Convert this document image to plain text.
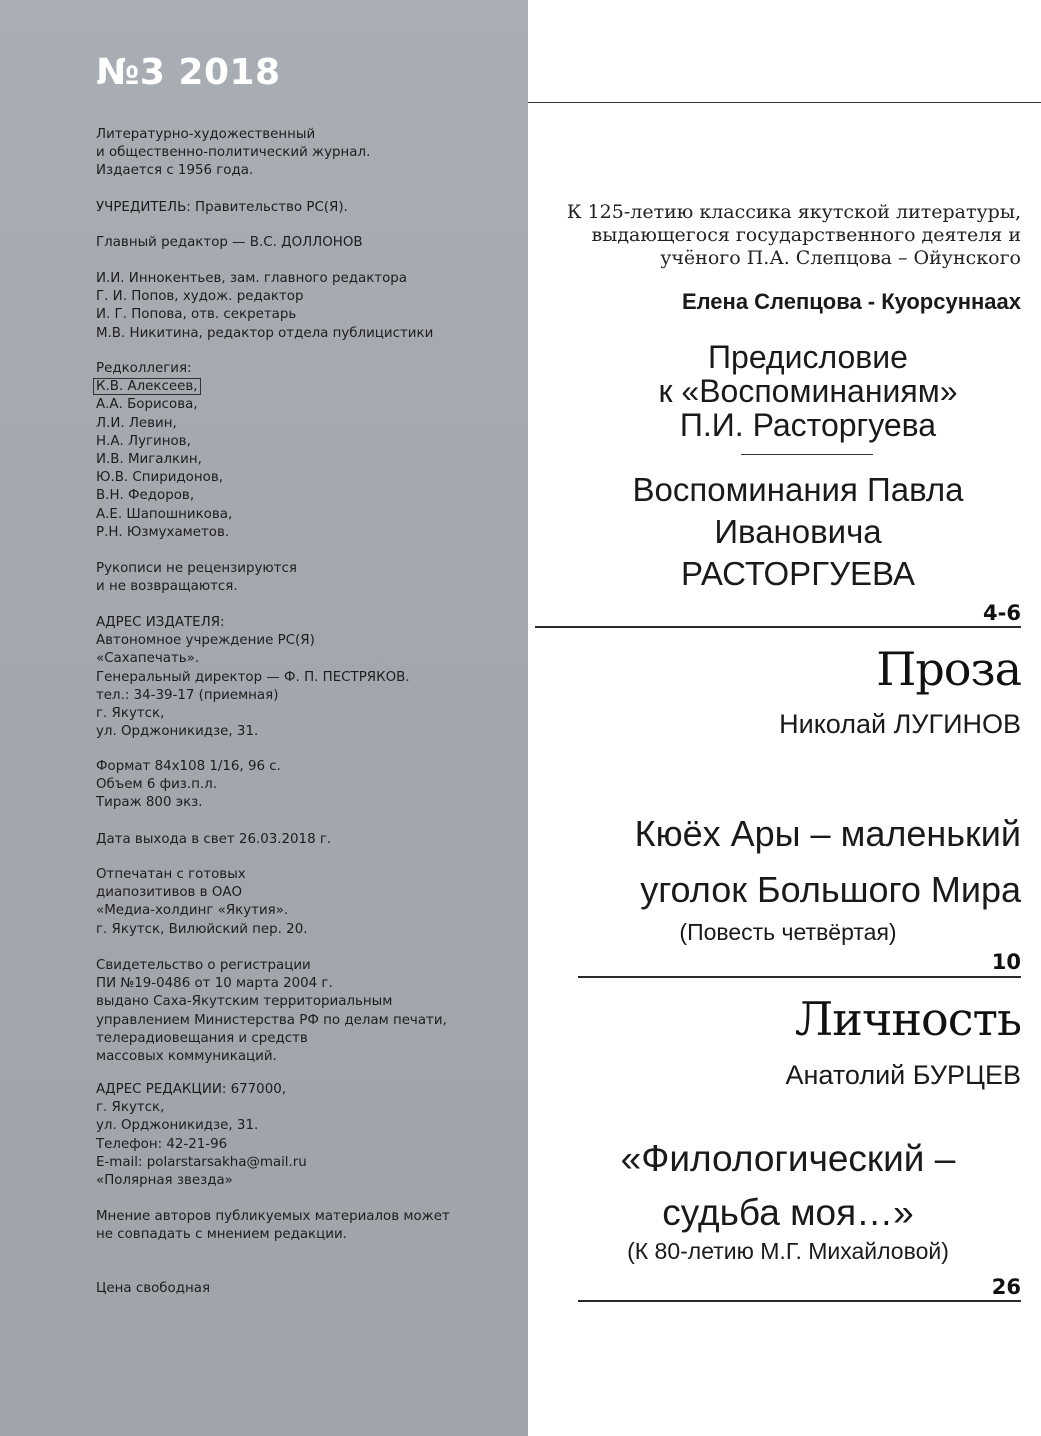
№3 2018
Литературно-художественный
и общественно-политический журнал.
Издается с 1956 года.
УЧРЕДИТЕЛЬ: Правительство РС(Я).
Главный редактор — В.С. ДОЛЛОНОВ
И.И. Иннокентьев, зам. главного редактора
Г. И. Попов, худож. редактор
И. Г. Попова, отв. секретарь
М.В. Никитина, редактор отдела публицистики
Редколлегия:
К.В. Алексеев,
А.А. Борисова,
Л.И. Левин,
Н.А. Лугинов,
И.В. Мигалкин,
Ю.В. Спиридонов,
В.Н. Федоров,
А.Е. Шапошникова,
Р.Н. Юзмухаметов.
Рукописи не рецензируются
и не возвращаются.
АДРЕС ИЗДАТЕЛЯ:
Автономное учреждение РС(Я)
«Сахапечать».
Генеральный директор — Ф. П. ПЕСТРЯКОВ.
тел.: 34-39-17 (приемная)
г. Якутск,
ул. Орджоникидзе, 31.
Формат 84х108 1/16, 96 с.
Объем 6 физ.п.л.
Тираж 800 экз.
Дата выхода в свет 26.03.2018 г.
Отпечатан с готовых
диапозитивов в ОАО
«Медиа-холдинг «Якутия».
г. Якутск, Вилюйский пер. 20.
Свидетельство о регистрации
ПИ №19-0486 от 10 марта 2004 г.
выдано Саха-Якутским территориальным
управлением Министерства РФ по делам печати,
телерадиовещания и средств
массовых коммуникаций.
АДРЕС РЕДАКЦИИ: 677000,
г. Якутск,
ул. Орджоникидзе, 31.
Телефон: 42-21-96
E-mail: polarstarsakha@mail.ru
«Полярная звезда»
Мнение авторов публикуемых материалов может
не совпадать с мнением редакции.
Цена свободная
К 125-летию классика якутской литературы,
выдающегося государственного деятеля и
учёного П.А. Слепцова – Ойунского
Елена Слепцова - Куорсуннаах
Предисловие
к «Воспоминаниям»
П.И. Расторгуева
Воспоминания Павла
Ивановича
РАСТОРГУЕВА
4-6
Проза
Николай ЛУГИНОВ
Кюёх Ары – маленький
уголок Большого Мира
(Повесть четвёртая)
10
Личность
Анатолий БУРЦЕВ
«Филологический –
судьба моя…»
(К 80-летию М.Г. Михайловой)
26
